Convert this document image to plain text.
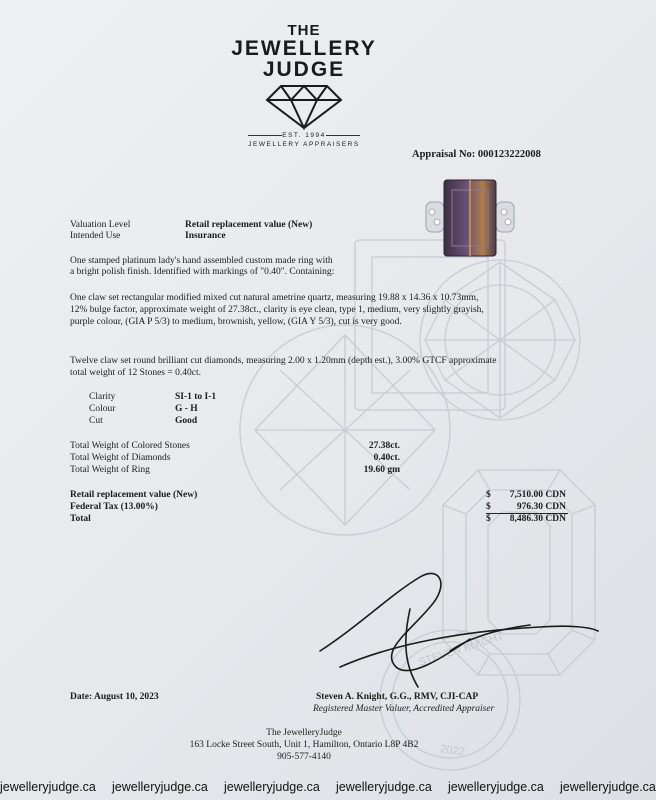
STEVEN KNIGHT
2022
THE
JEWELLERY
JUDGE
EST. 1994
JEWELLERY APPRAISERS
Appraisal No: 000123222008
Valuation Level	Retail replacement value (New)
Intended Use	Insurance
One stamped platinum lady's hand assembled custom made ring with
a bright polish finish. Identified with markings of "0.40". Containing:
One claw set rectangular modified mixed cut natural ametrine quartz, measuring 19.88 x 14.36 x 10.73mm,
12% bulge factor, approximate weight of 27.38ct., clarity is eye clean, type 1, medium, very slightly grayish,
purple colour, (GIA P 5/3) to medium, brownish, yellow, (GIA Y 5/3), cut is very good.
Twelve claw set round brilliant cut diamonds, measuring 2.00 x 1.20mm (depth est.), 3.00% GTCF approximate
total weight of 12 Stones = 0.40ct.
Clarity	SI-1 to I-1
Colour	G - H
Cut	Good
Total Weight of Colored Stones	27.38ct.
Total Weight of Diamonds	0.40ct.
Total Weight of Ring	19.60 gm
Retail replacement value (New)	$	7,510.00 CDN
Federal Tax (13.00%)	$	976.30 CDN
Total	$	8,486.30 CDN
Date: August 10, 2023	Steven A. Knight, G.G., RMV, CJI-CAP
Registered Master Valuer, Accredited Appraiser
The JewelleryJudge
163 Locke Street South, Unit 1, Hamilton, Ontario L8P 4B2
905-577-4140
jewelleryjudge.ca jewelleryjudge.ca jewelleryjudge.ca jewelleryjudge.ca jewelleryjudge.ca jewelleryjudge.ca
